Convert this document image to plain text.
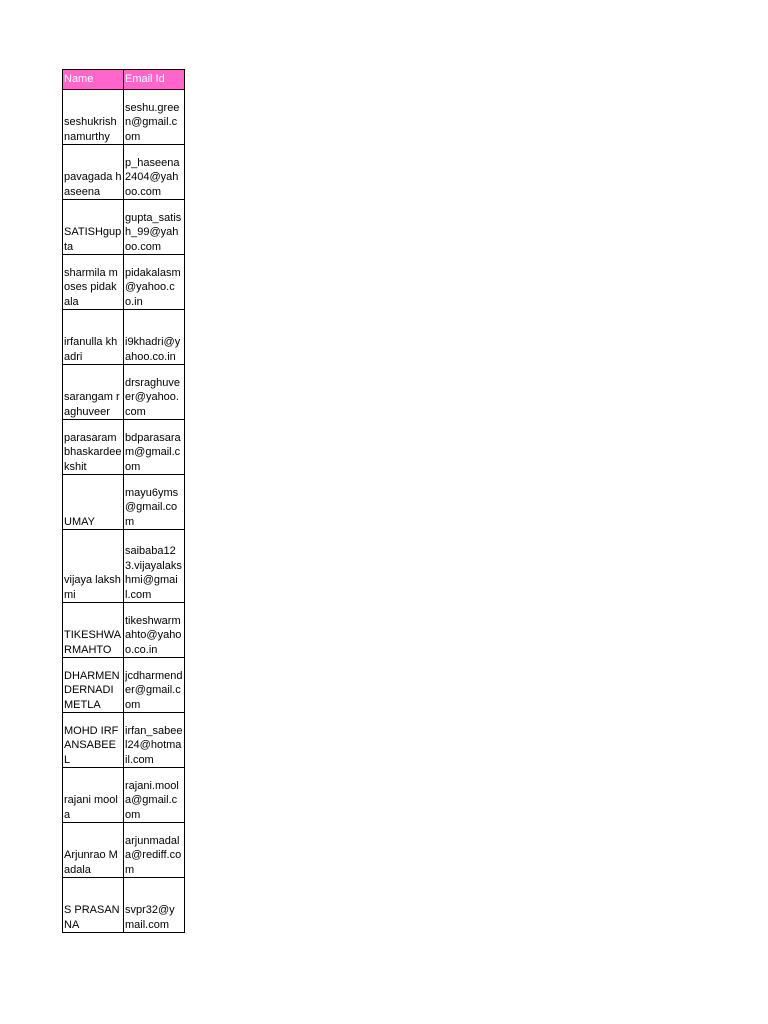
Name	Email Id

seshukrishnamurthy	seshu.green@gmail.com

pavagada haseena	p_haseena2404@yahoo.com

SATISHgupta	gupta_satish_99@yahoo.com

sharmila moses pidakala	pidakalasm@yahoo.co.in

irfanulla khadri	i9khadri@yahoo.co.in

sarangam raghuveer	drsraghuveer@yahoo.com

parasaram bhaskardeekshit	bdparasaram@gmail.com

UMAY	mayu6yms@gmail.com

vijaya lakshmi	saibaba123.vijayalakshmi@gmail.com

TIKESHWARMAHTO	tikeshwarmahto@yahoo.co.in

DHARMENDERNADIMETLA	jcdharmender@gmail.com

MOHD IRFANSABEEL	irfan_sabeel24@hotmail.com

rajani moola	rajani.moola@gmail.com

Arjunrao Madala	arjunmadala@rediff.com

S PRASANNA	svpr32@ymail.com
